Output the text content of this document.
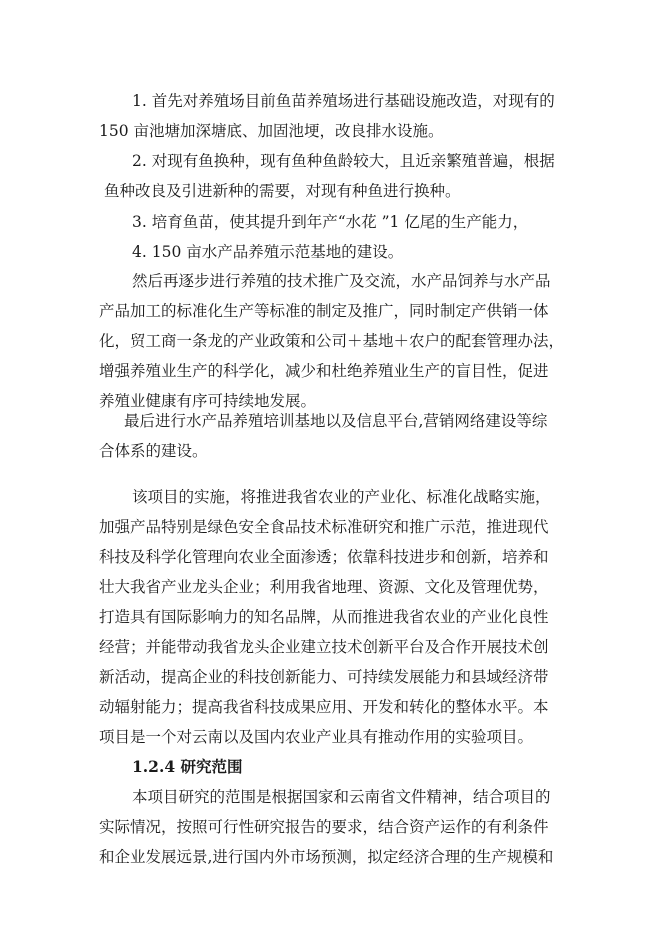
1. 首先对养殖场目前鱼苗养殖场进行基础设施改造，对现有的
150 亩池塘加深塘底、加固池埂，改良排水设施。
2. 对现有鱼换种，现有鱼种鱼龄较大，且近亲繁殖普遍，根据
鱼种改良及引进新种的需要，对现有种鱼进行换种。
3. 培育鱼苗，使其提升到年产“水花 ”1 亿尾的生产能力，
4. 150 亩水产品养殖示范基地的建设。
然后再逐步进行养殖的技术推广及交流，水产品饲养与水产品
产品加工的标准化生产等标准的制定及推广，同时制定产供销一体
化，贸工商一条龙的产业政策和公司＋基地＋农户的配套管理办法，
增强养殖业生产的科学化，减少和杜绝养殖业生产的盲目性，促进
养殖业健康有序可持续地发展。
最后进行水产品养殖培训基地以及信息平台,营销网络建设等综
合体系的建设。
该项目的实施，将推进我省农业的产业化、标准化战略实施，
加强产品特别是绿色安全食品技术标准研究和推广示范，推进现代
科技及科学化管理向农业全面渗透；依靠科技进步和创新，培养和
壮大我省产业龙头企业；利用我省地理、资源、文化及管理优势，
打造具有国际影响力的知名品牌，从而推进我省农业的产业化良性
经营；并能带动我省龙头企业建立技术创新平台及合作开展技术创
新活动，提高企业的科技创新能力、可持续发展能力和县域经济带
动辐射能力；提高我省科技成果应用、开发和转化的整体水平。本
项目是一个对云南以及国内农业产业具有推动作用的实验项目。
1.2.4 研究范围
本项目研究的范围是根据国家和云南省文件精神，结合项目的
实际情况，按照可行性研究报告的要求，结合资产运作的有利条件
和企业发展远景,进行国内外市场预测，拟定经济合理的生产规模和
